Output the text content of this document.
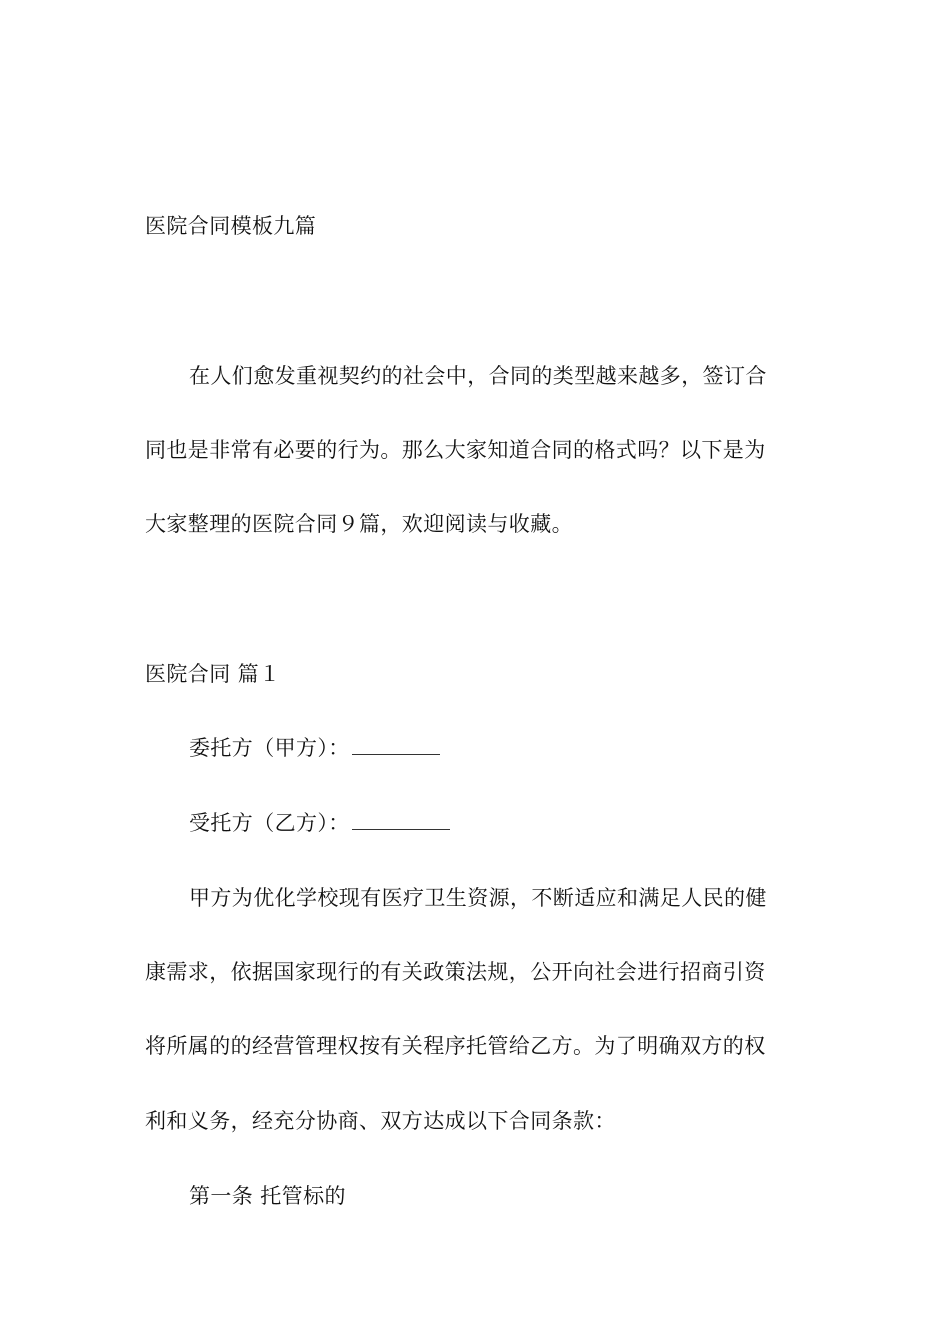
医院合同模板九篇
在人们愈发重视契约的社会中，合同的类型越来越多，签订合
同也是非常有必要的行为。那么大家知道合同的格式吗？以下是为
大家整理的医院合同９篇，欢迎阅读与收藏。
医院合同 篇１
委托方（甲方）：
受托方（乙方）：
甲方为优化学校现有医疗卫生资源，不断适应和满足人民的健
康需求，依据国家现行的有关政策法规，公开向社会进行招商引资
将所属的的经营管理权按有关程序托管给乙方。为了明确双方的权
利和义务，经充分协商、双方达成以下合同条款：
第一条 托管标的
